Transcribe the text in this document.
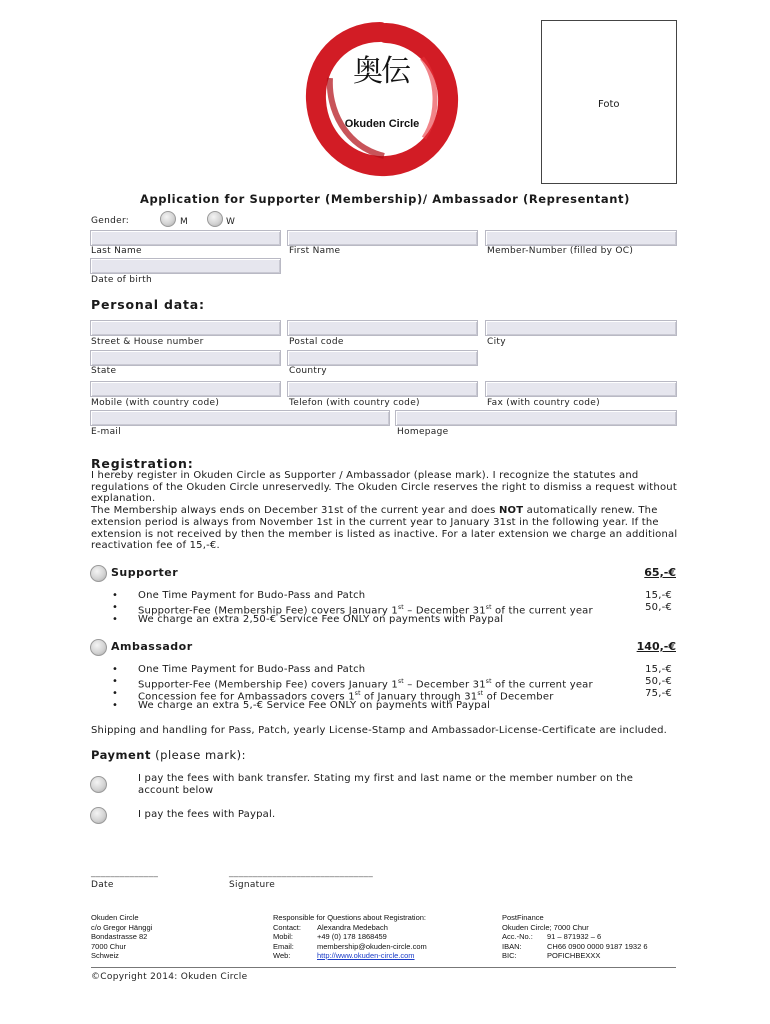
Foto
奥伝
Okuden Circle
Application for Supporter (Membership)/ Ambassador (Representant)
Gender:	M	W
Last Name	First Name	Member-Number (filled by OC)
Date of birth
Personal data:
Street & House number	Postal code	City
State	Country
Mobile (with country code)	Telefon (with country code)	Fax (with country code)
E-mail	Homepage
Registration:
I hereby register in Okuden Circle as Supporter / Ambassador (please mark). I recognize the statutes and regulations of the Okuden Circle unreservedly. The Okuden Circle reserves the right to dismiss a request without explanation.
The Membership always ends on December 31st of the current year and does NOT automatically renew. The extension period is always from November 1st in the current year to January 31st in the following year. If the extension is not received by then the member is listed as inactive. For a later extension we charge an additional reactivation fee of 15,-€.
Supporter	65,-€
• One Time Payment for Budo-Pass and Patch	15,-€
• Supporter-Fee (Membership Fee) covers January 1st – December 31st of the current year	50,-€
• We charge an extra 2,50-€ Service Fee ONLY on payments with Paypal
Ambassador	140,-€
• One Time Payment for Budo-Pass and Patch	15,-€
• Supporter-Fee (Membership Fee) covers January 1st – December 31st of the current year	50,-€
• Concession fee for Ambassadors covers 1st of January through 31st of December	75,-€
• We charge an extra 5,-€ Service Fee ONLY on payments with Paypal
Shipping and handling for Pass, Patch, yearly License-Stamp and Ambassador-License-Certificate are included.
Payment (please mark):
I pay the fees with bank transfer. Stating my first and last name or the member number on the account below
I pay the fees with Paypal.
______________
Date
______________________________
Signature
Okuden Circle
c/o Gregor Hänggi
Bondastrasse 82
7000 Chur
Schweiz
Responsible for Questions about Registration:
Contact: Alexandra Medebach
Mobil:	+49 (0) 178 1868459
Email:	membership@okuden-circle.com
Web:	http://www.okuden-circle.com
PostFinance
Okuden Circle; 7000 Chur
Acc.-No.: 91 – 871932 – 6
IBAN:	CH66 0900 0000 9187 1932 6
BIC:	POFICHBEXXX
©Copyright 2014: Okuden Circle
